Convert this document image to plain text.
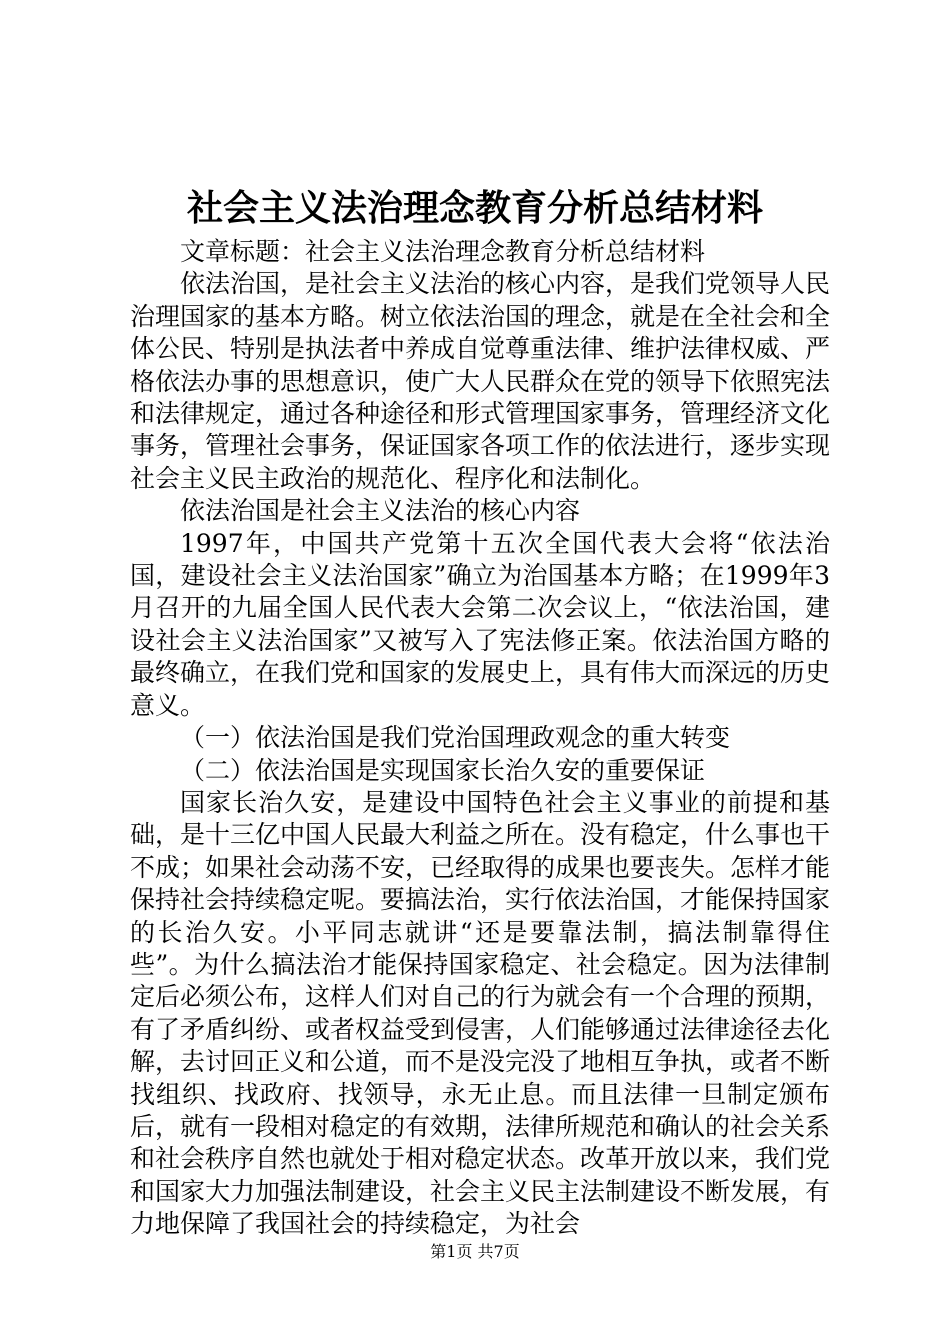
社会主义法治理念教育分析总结材料

文章标题：社会主义法治理念教育分析总结材料

依法治国，是社会主义法治的核心内容，是我们党领导人民治理国家的基本方略。树立依法治国的理念，就是在全社会和全体公民、特别是执法者中养成自觉尊重法律、维护法律权威、严格依法办事的思想意识，使广大人民群众在党的领导下依照宪法和法律规定，通过各种途径和形式管理国家事务，管理经济文化事务，管理社会事务，保证国家各项工作的依法进行，逐步实现社会主义民主政治的规范化、程序化和法制化。

依法治国是社会主义法治的核心内容

1997年，中国共产党第十五次全国代表大会将“依法治国，建设社会主义法治国家”确立为治国基本方略；在1999年3月召开的九届全国人民代表大会第二次会议上，“依法治国，建设社会主义法治国家”又被写入了宪法修正案。依法治国方略的最终确立，在我们党和国家的发展史上，具有伟大而深远的历史意义。

（一）依法治国是我们党治国理政观念的重大转变

（二）依法治国是实现国家长治久安的重要保证

国家长治久安，是建设中国特色社会主义事业的前提和基础，是十三亿中国人民最大利益之所在。没有稳定，什么事也干不成；如果社会动荡不安，已经取得的成果也要丧失。怎样才能保持社会持续稳定呢。要搞法治，实行依法治国，才能保持国家的长治久安。小平同志就讲“还是要靠法制，搞法制靠得住些”。为什么搞法治才能保持国家稳定、社会稳定。因为法律制定后必须公布，这样人们对自己的行为就会有一个合理的预期，有了矛盾纠纷、或者权益受到侵害，人们能够通过法律途径去化解，去讨回正义和公道，而不是没完没了地相互争执，或者不断找组织、找政府、找领导，永无止息。而且法律一旦制定颁布后，就有一段相对稳定的有效期，法律所规范和确认的社会关系和社会秩序自然也就处于相对稳定状态。改革开放以来，我们党和国家大力加强法制建设，社会主义民主法制建设不断发展，有力地保障了我国社会的持续稳定，为社会

第1页 共7页
